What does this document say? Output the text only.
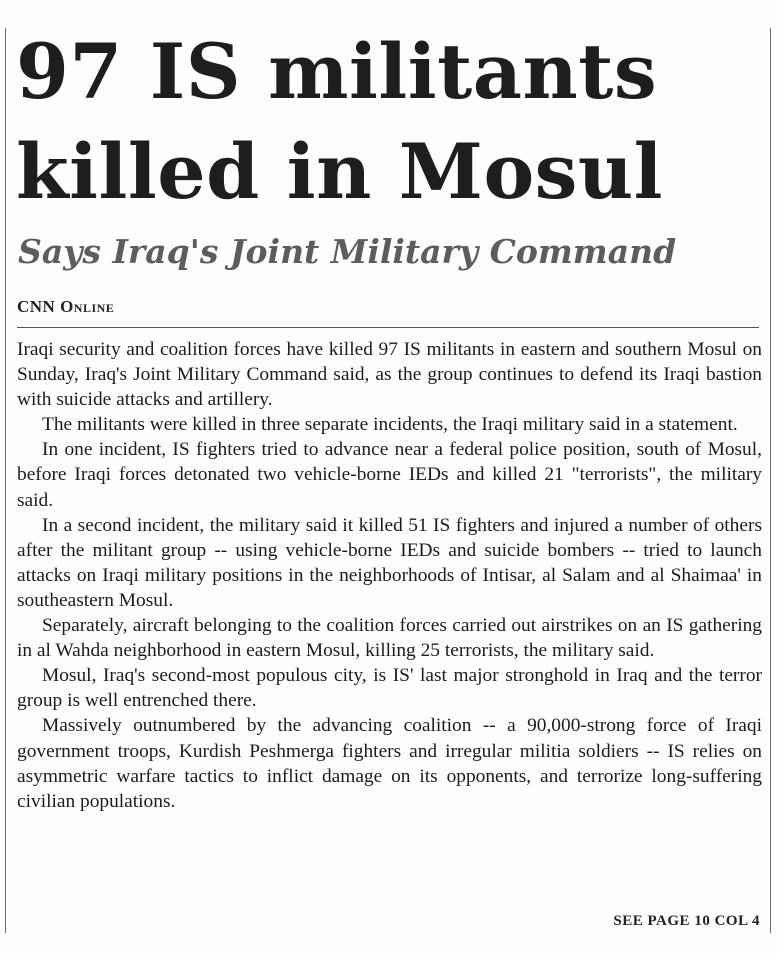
97 IS militants
killed in Mosul
Says Iraq's Joint Military Command
CNN Online

Iraqi security and coalition forces have killed 97 IS militants in eastern and southern Mosul on Sunday, Iraq's Joint Military Command said, as the group continues to defend its Iraqi bastion with suicide attacks and artillery.

The militants were killed in three separate incidents, the Iraqi military said in a statement.

In one incident, IS fighters tried to advance near a federal police position, south of Mosul, before Iraqi forces detonated two vehicle-borne IEDs and killed 21 "terrorists", the military said.

In a second incident, the military said it killed 51 IS fighters and injured a number of others after the militant group -- using vehicle-borne IEDs and suicide bombers -- tried to launch attacks on Iraqi military positions in the neighborhoods of Intisar, al Salam and al Shaimaa' in southeastern Mosul.

Separately, aircraft belonging to the coalition forces carried out airstrikes on an IS gathering in al Wahda neighborhood in eastern Mosul, killing 25 terrorists, the military said.

Mosul, Iraq's second-most populous city, is IS' last major stronghold in Iraq and the terror group is well entrenched there.

Massively outnumbered by the advancing coalition -- a 90,000-strong force of Iraqi government troops, Kurdish Peshmerga fighters and irregular militia soldiers -- IS relies on asymmetric warfare tactics to inflict damage on its opponents, and terrorize long-suffering civilian populations.

SEE PAGE 10 COL 4
